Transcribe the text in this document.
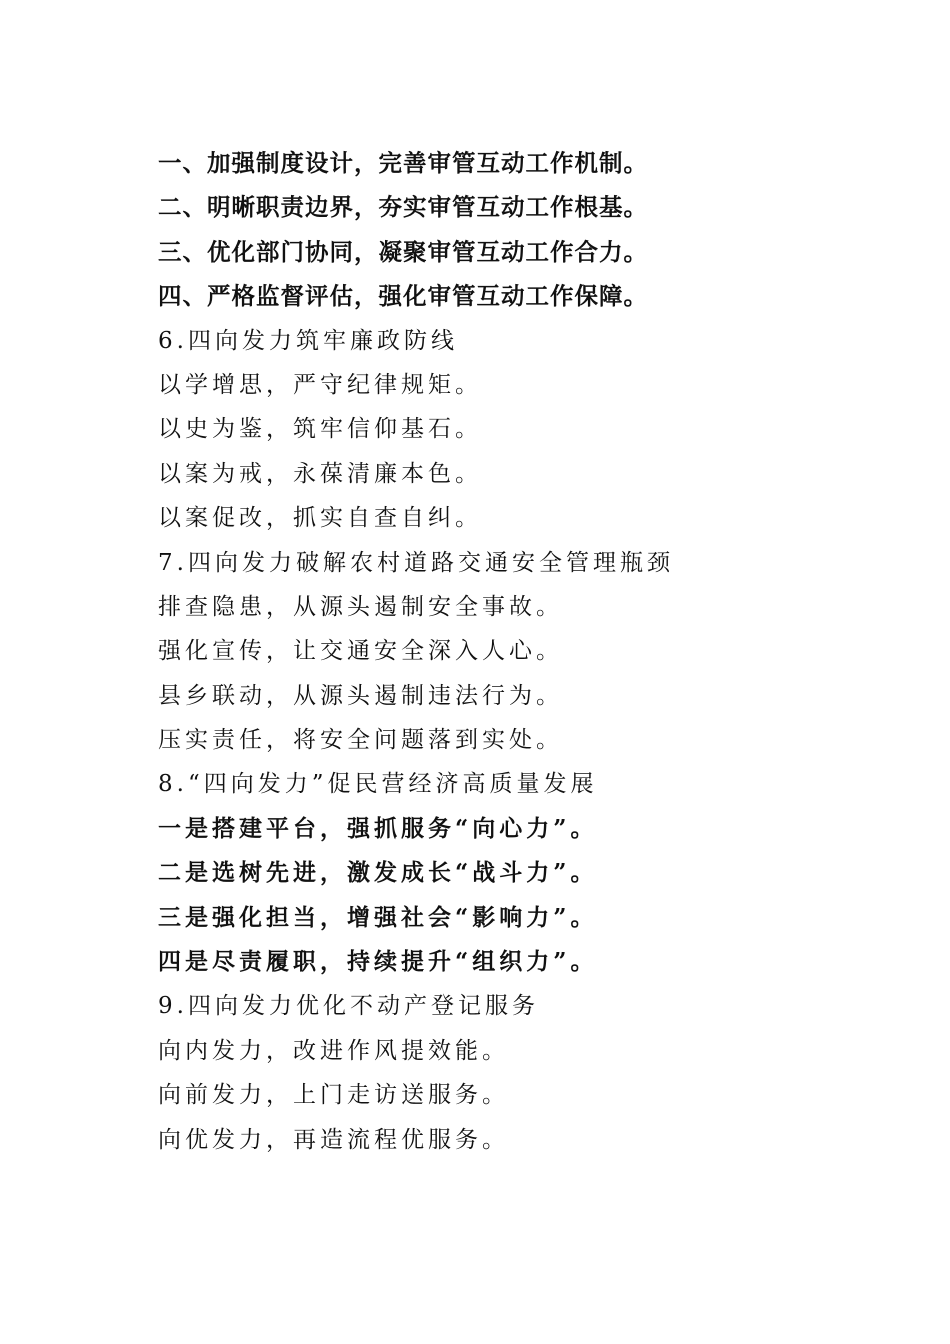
一、加强制度设计，完善审管互动工作机制。
二、明晰职责边界，夯实审管互动工作根基。
三、优化部门协同，凝聚审管互动工作合力。
四、严格监督评估，强化审管互动工作保障。
6.四向发力筑牢廉政防线
以学增思，严守纪律规矩。
以史为鉴，筑牢信仰基石。
以案为戒，永葆清廉本色。
以案促改，抓实自查自纠。
7.四向发力破解农村道路交通安全管理瓶颈
排查隐患，从源头遏制安全事故。
强化宣传，让交通安全深入人心。
县乡联动，从源头遏制违法行为。
压实责任，将安全问题落到实处。
8.“四向发力”促民营经济高质量发展
一是搭建平台，强抓服务“向心力”。
二是选树先进，激发成长“战斗力”。
三是强化担当，增强社会“影响力”。
四是尽责履职，持续提升“组织力”。
9.四向发力优化不动产登记服务
向内发力，改进作风提效能。
向前发力，上门走访送服务。
向优发力，再造流程优服务。
